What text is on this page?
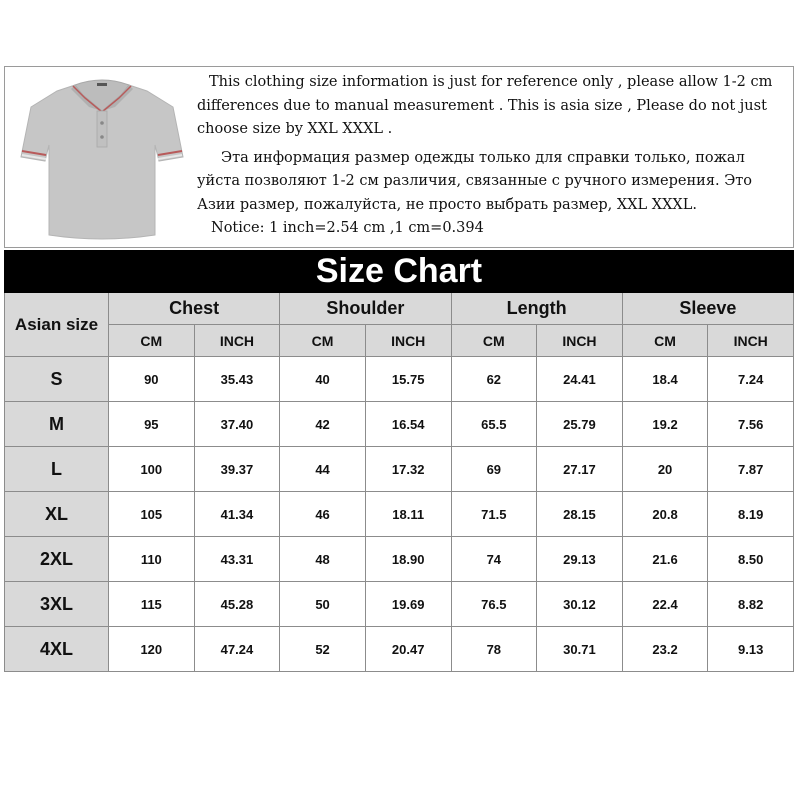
This clothing size information is just for reference only , please allow 1-2 cm differences due to manual measurement . This is asia size , Please do not just choose size by XXL XXXL .

Эта информация размер одежды только для справки только, пожал уйста позволяют 1-2 см различия, связанные с ручного измерения. Это Азии размер, пожалуйста, не просто выбрать размер, XXL XXXL.

Notice: 1 inch=2.54 cm ,1 cm=0.394

Size Chart								
Asian size	Chest		Shoulder		Length		Sleeve	
	CM	INCH	CM	INCH	CM	INCH	CM	INCH
S	90	35.43	40	15.75	62	24.41	18.4	7.24
M	95	37.40	42	16.54	65.5	25.79	19.2	7.56
L	100	39.37	44	17.32	69	27.17	20	7.87
XL	105	41.34	46	18.11	71.5	28.15	20.8	8.19
2XL	110	43.31	48	18.90	74	29.13	21.6	8.50
3XL	115	45.28	50	19.69	76.5	30.12	22.4	8.82
4XL	120	47.24	52	20.47	78	30.71	23.2	9.13
